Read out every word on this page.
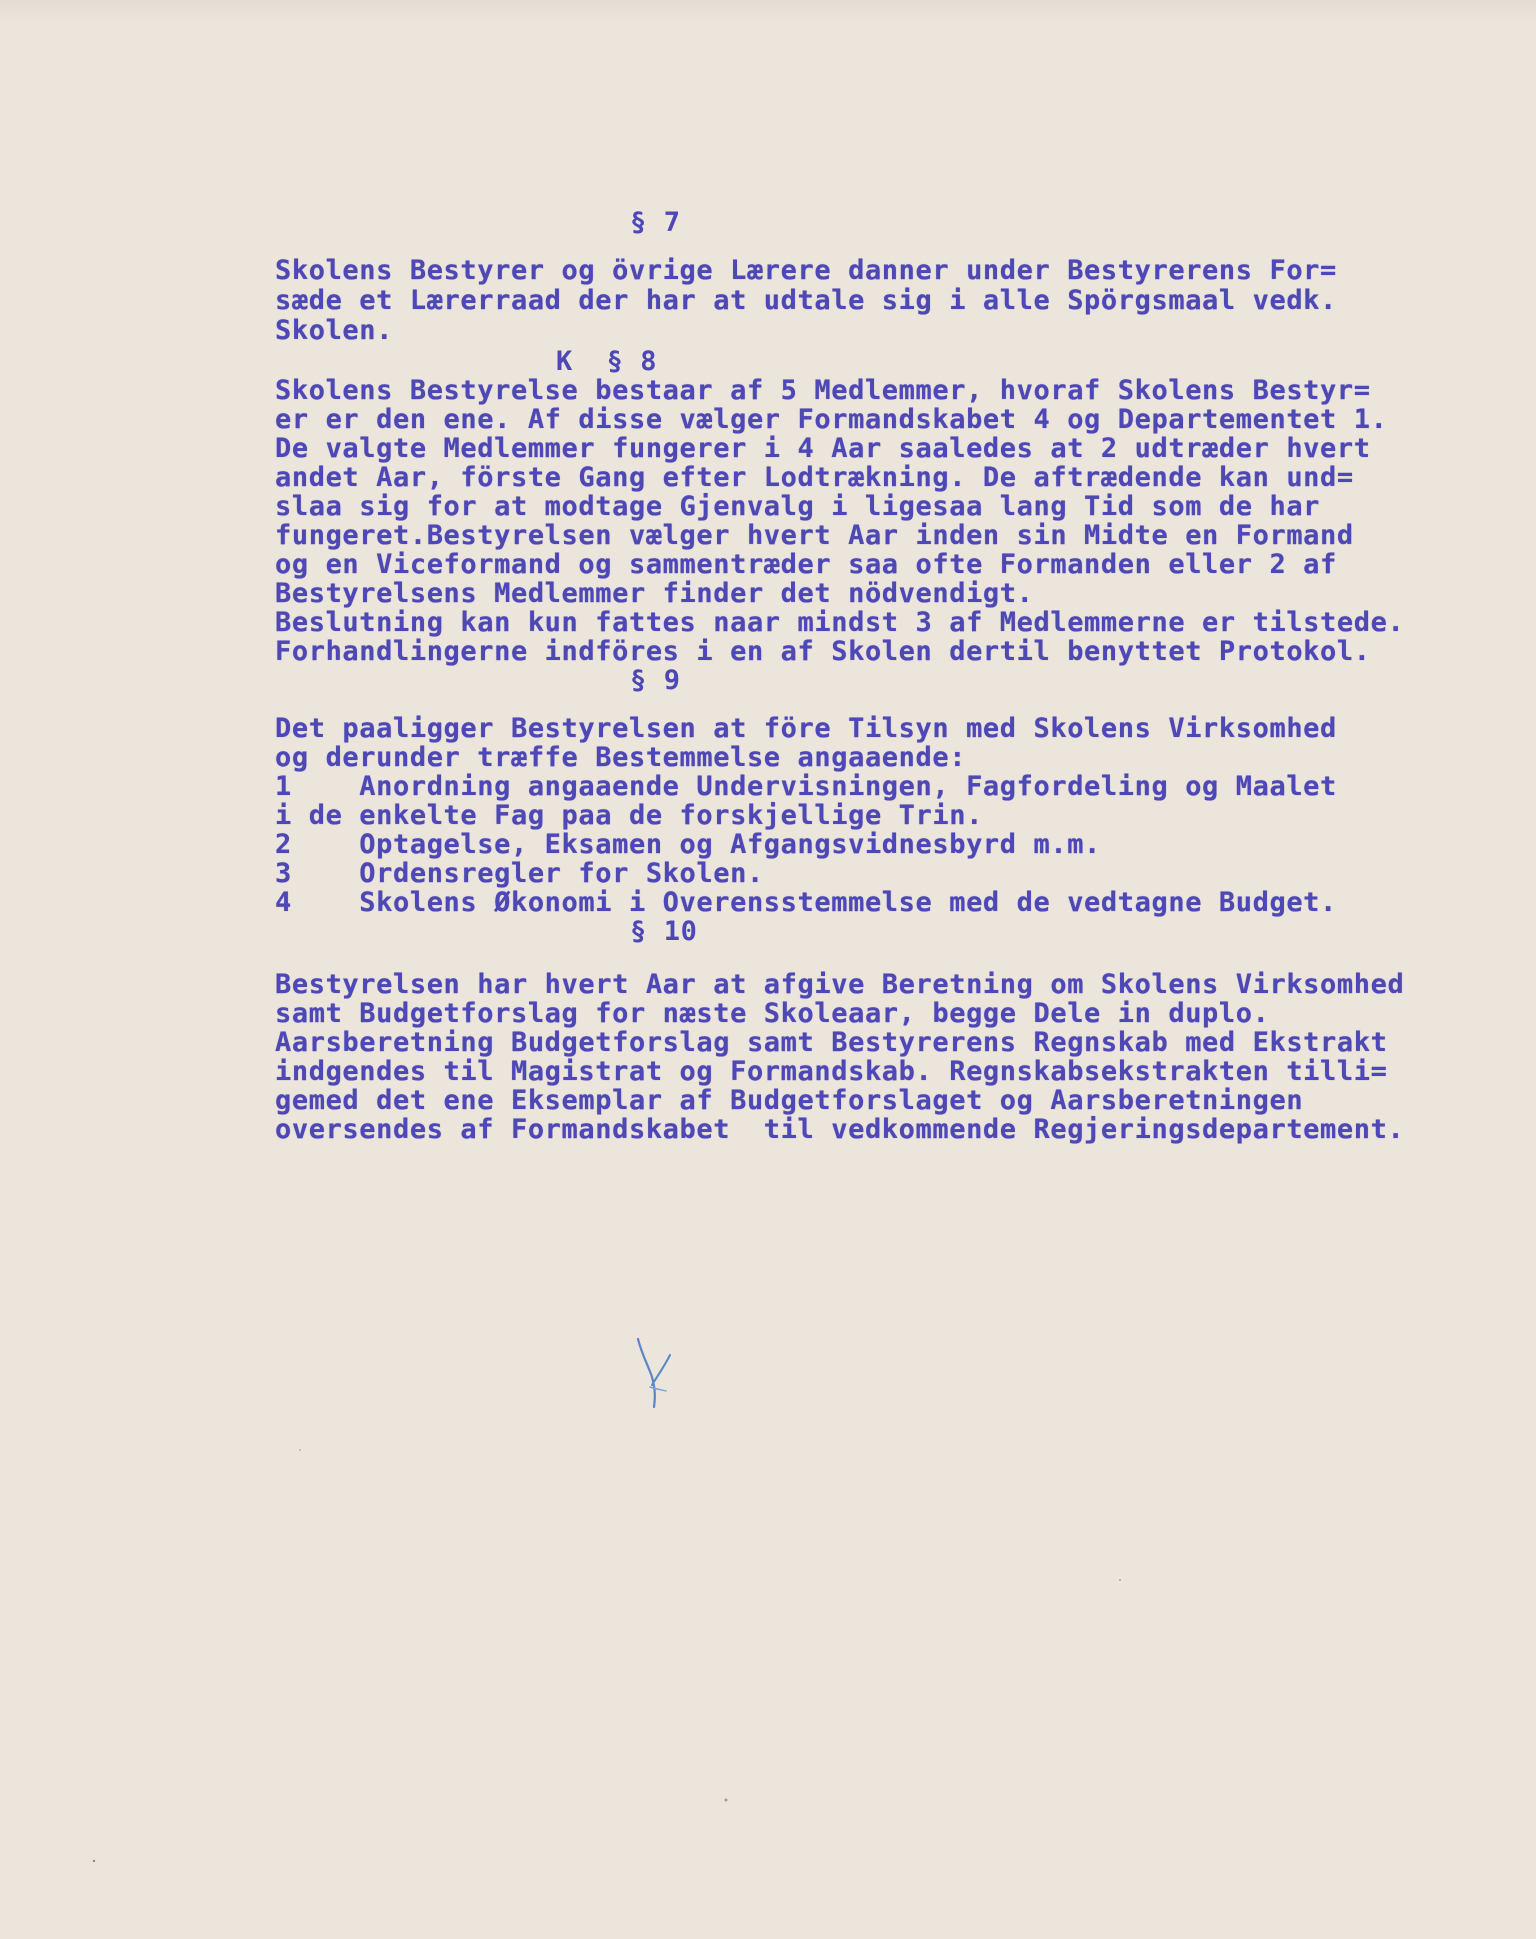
§ 7
Skolens Bestyrer og övrige Lærere danner under Bestyrerens For=
sæde et Lærerraad der har at udtale sig i alle Spörgsmaal vedk.
Skolen.
K  § 8
Skolens Bestyrelse bestaar af 5 Medlemmer, hvoraf Skolens Bestyr=
er er den ene. Af disse vælger Formandskabet 4 og Departementet 1.
De valgte Medlemmer fungerer i 4 Aar saaledes at 2 udtræder hvert
andet Aar, förste Gang efter Lodtrækning. De aftrædende kan und=
slaa sig for at modtage Gjenvalg i ligesaa lang Tid som de har
fungeret.Bestyrelsen vælger hvert Aar inden sin Midte en Formand
og en Viceformand og sammentræder saa ofte Formanden eller 2 af
Bestyrelsens Medlemmer finder det nödvendigt.
Beslutning kan kun fattes naar mindst 3 af Medlemmerne er tilstede.
Forhandlingerne indföres i en af Skolen dertil benyttet Protokol.
§ 9
Det paaligger Bestyrelsen at före Tilsyn med Skolens Virksomhed
og derunder træffe Bestemmelse angaaende:
1    Anordning angaaende Undervisningen, Fagfordeling og Maalet
i de enkelte Fag paa de forskjellige Trin.
2    Optagelse, Eksamen og Afgangsvidnesbyrd m.m.
3    Ordensregler for Skolen.
4    Skolens Økonomi i Overensstemmelse med de vedtagne Budget.
§ 10
Bestyrelsen har hvert Aar at afgive Beretning om Skolens Virksomhed
samt Budgetforslag for næste Skoleaar, begge Dele in duplo.
Aarsberetning Budgetforslag samt Bestyrerens Regnskab med Ekstrakt
indgendes til Magistrat og Formandskab. Regnskabsekstrakten tilli=
gemed det ene Eksemplar af Budgetforslaget og Aarsberetningen
oversendes af Formandskabet  til vedkommende Regjeringsdepartement.
